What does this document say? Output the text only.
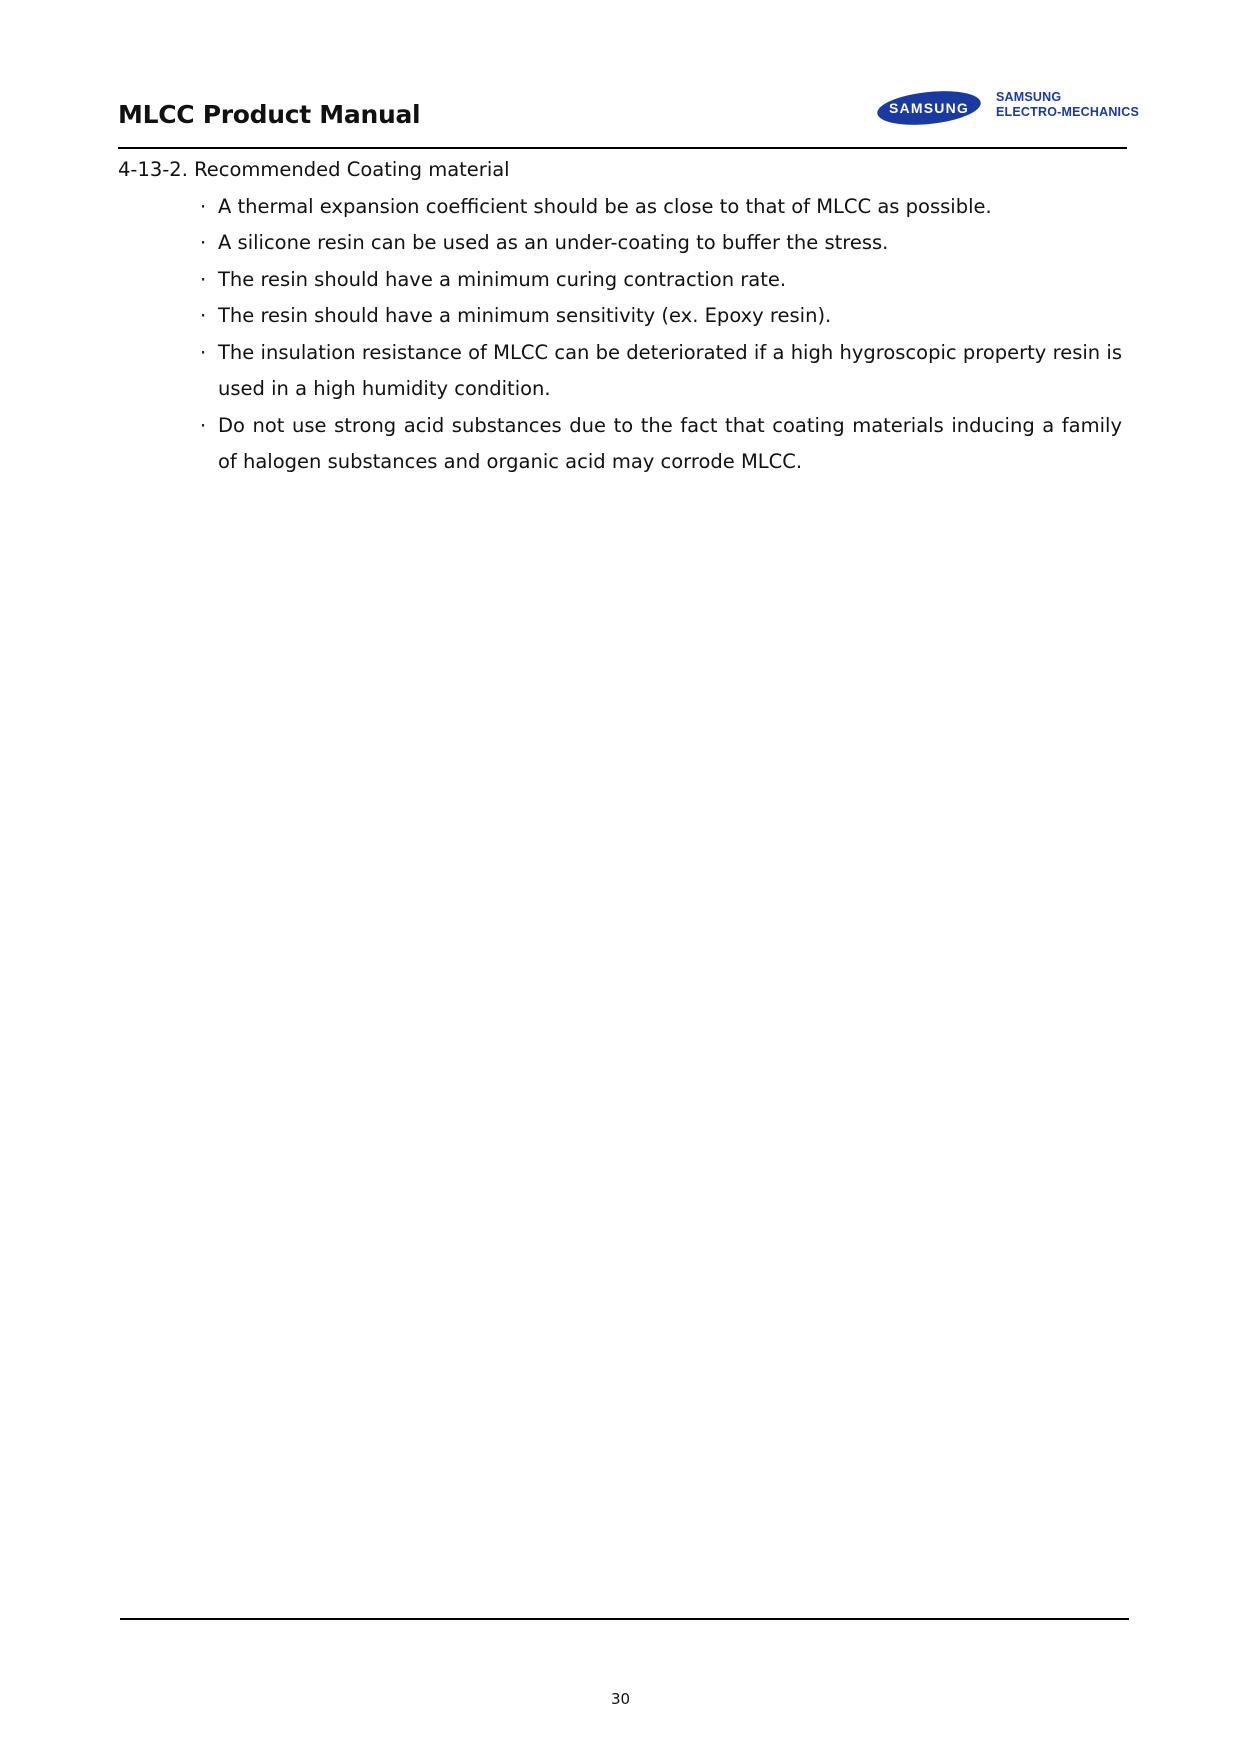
MLCC Product Manual	SAMSUNG
SAMSUNG
ELECTRO-MECHANICS
4-13-2. Recommended Coating material
· A thermal expansion coefficient should be as close to that of MLCC as possible.
· A silicone resin can be used as an under-coating to buffer the stress.
· The resin should have a minimum curing contraction rate.
· The resin should have a minimum sensitivity (ex. Epoxy resin).
· The insulation resistance of MLCC can be deteriorated if a high hygroscopic property resin is used in a high humidity condition.
· Do not use strong acid substances due to the fact that coating materials inducing a family of halogen substances and organic acid may corrode MLCC.
30
